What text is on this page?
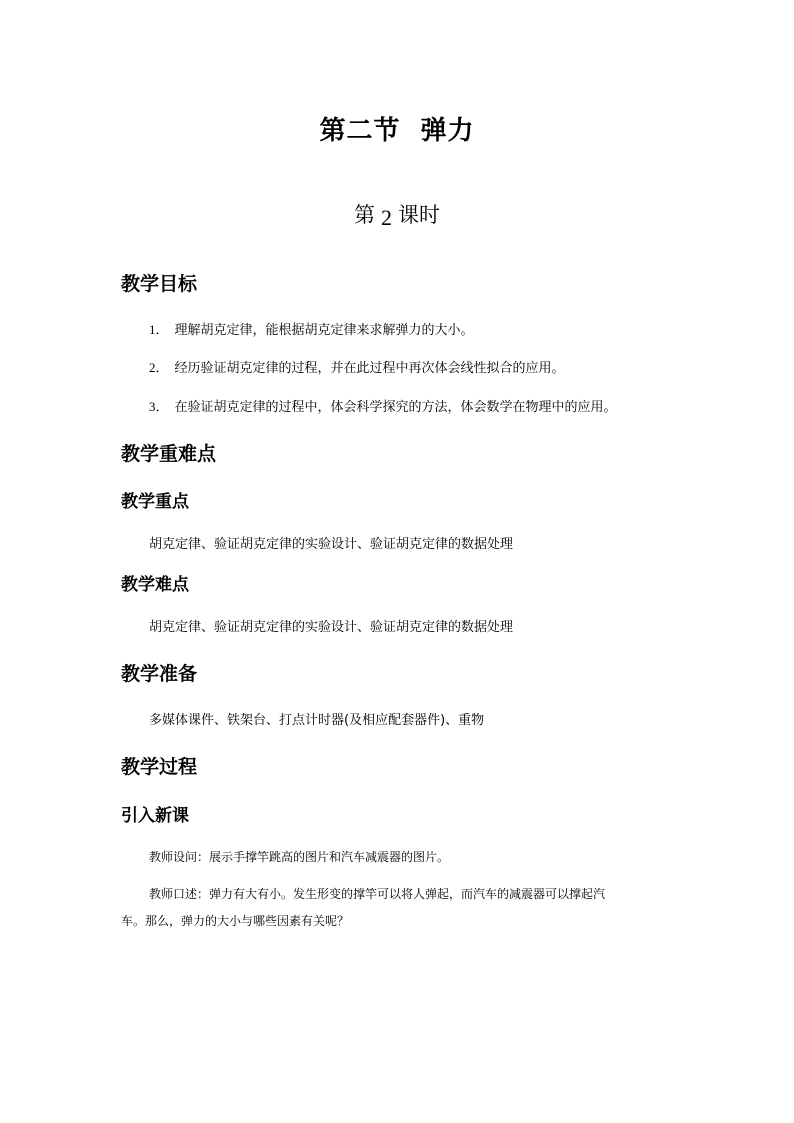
第二节  弹力
第 2 课时
教学目标
1． 理解胡克定律，能根据胡克定律来求解弹力的大小。
2． 经历验证胡克定律的过程，并在此过程中再次体会线性拟合的应用。
3． 在验证胡克定律的过程中，体会科学探究的方法，体会数学在物理中的应用。
教学重难点
教学重点
胡克定律、验证胡克定律的实验设计、验证胡克定律的数据处理
教学难点
胡克定律、验证胡克定律的实验设计、验证胡克定律的数据处理
教学准备
多媒体课件、铁架台、打点计时器(及相应配套器件)、重物
教学过程
引入新课
教师设问：展示手撑竿跳高的图片和汽车减震器的图片。
教师口述：弹力有大有小。发生形变的撑竿可以将人弹起，而汽车的减震器可以撑起汽
车。那么，弹力的大小与哪些因素有关呢？
